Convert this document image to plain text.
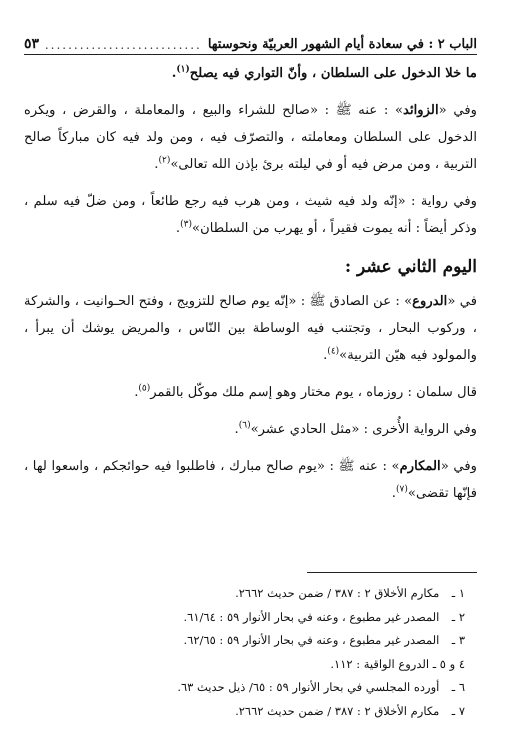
الباب ٢ : في سعادة أيام الشهور العربيّة ونحوستها
.....
٥٣

ما خلا الدخول على السلطان ، وأنّ التواري فيه يصلح$^{(١)}$.

وفي «الزوائد» : عنه ﷺ : «صالح للشراء والبيع ، والمعاملة ، والقرض ، ويكره الدخول على السلطان ومعاملته ، والتصرّف فيه ، ومن ولد فيه كان مباركاً صالح التربية ، ومن مرض فيه أو في ليلته برئ بإذن الله تعالى»$^{(٢)}$.

وفي رواية : «إنّه ولد فيه شيث ، ومن هرب فيه رجع طائعاً ، ومن ضلّ فيه سلم ، وذكر أيضاً : أنه يموت فقيراً ، أو يهرب من السلطان»$^{(٣)}$.

اليوم الثاني عشر :

في «الدروع» : عن الصادق ﷺ : «إنّه يوم صالح للتزويج ، وفتح الحـوانيت ، والشركة ، وركوب البحار ، وتجتنب فيه الوساطة بين النّاس ، والمريض يوشك أن يبرأ ، والمولود فيه هيّن التربية»$^{(٤)}$.

قال سلمان : روزماه ، يوم مختار وهو إسم ملك موكّل بالقمر$^{(٥)}$.

وفي الرواية الأُخرى : «مثل الحادي عشر»$^{(٦)}$.

وفي «المكارم» : عنه ﷺ : «يوم صالح مبارك ، فاطلبوا فيه حوائجكم ، واسعوا لها ، فإنّها تقضى»$^{(٧)}$.

١ ـ مكارم الأخلاق ٢ : ٣٨٧ / ضمن حديث ٢٦٦٢.
٢ ـ المصدر غير مطبوع ، وعنه في بحار الأنوار ٥٩ : ٦١/٦٤.
٣ ـ المصدر غير مطبوع ، وعنه في بحار الأنوار ٥٩ : ٦٢/٦٥.
٤ و ٥ ـ الدروع الواقية : ١١٢.
٦ ـ أورده المجلسي في بحار الأنوار ٥٩ : ٦٥/ ذيل حديث ٦٣.
٧ ـ مكارم الأخلاق ٢ : ٣٨٧ / ضمن حديث ٢٦٦٢.
